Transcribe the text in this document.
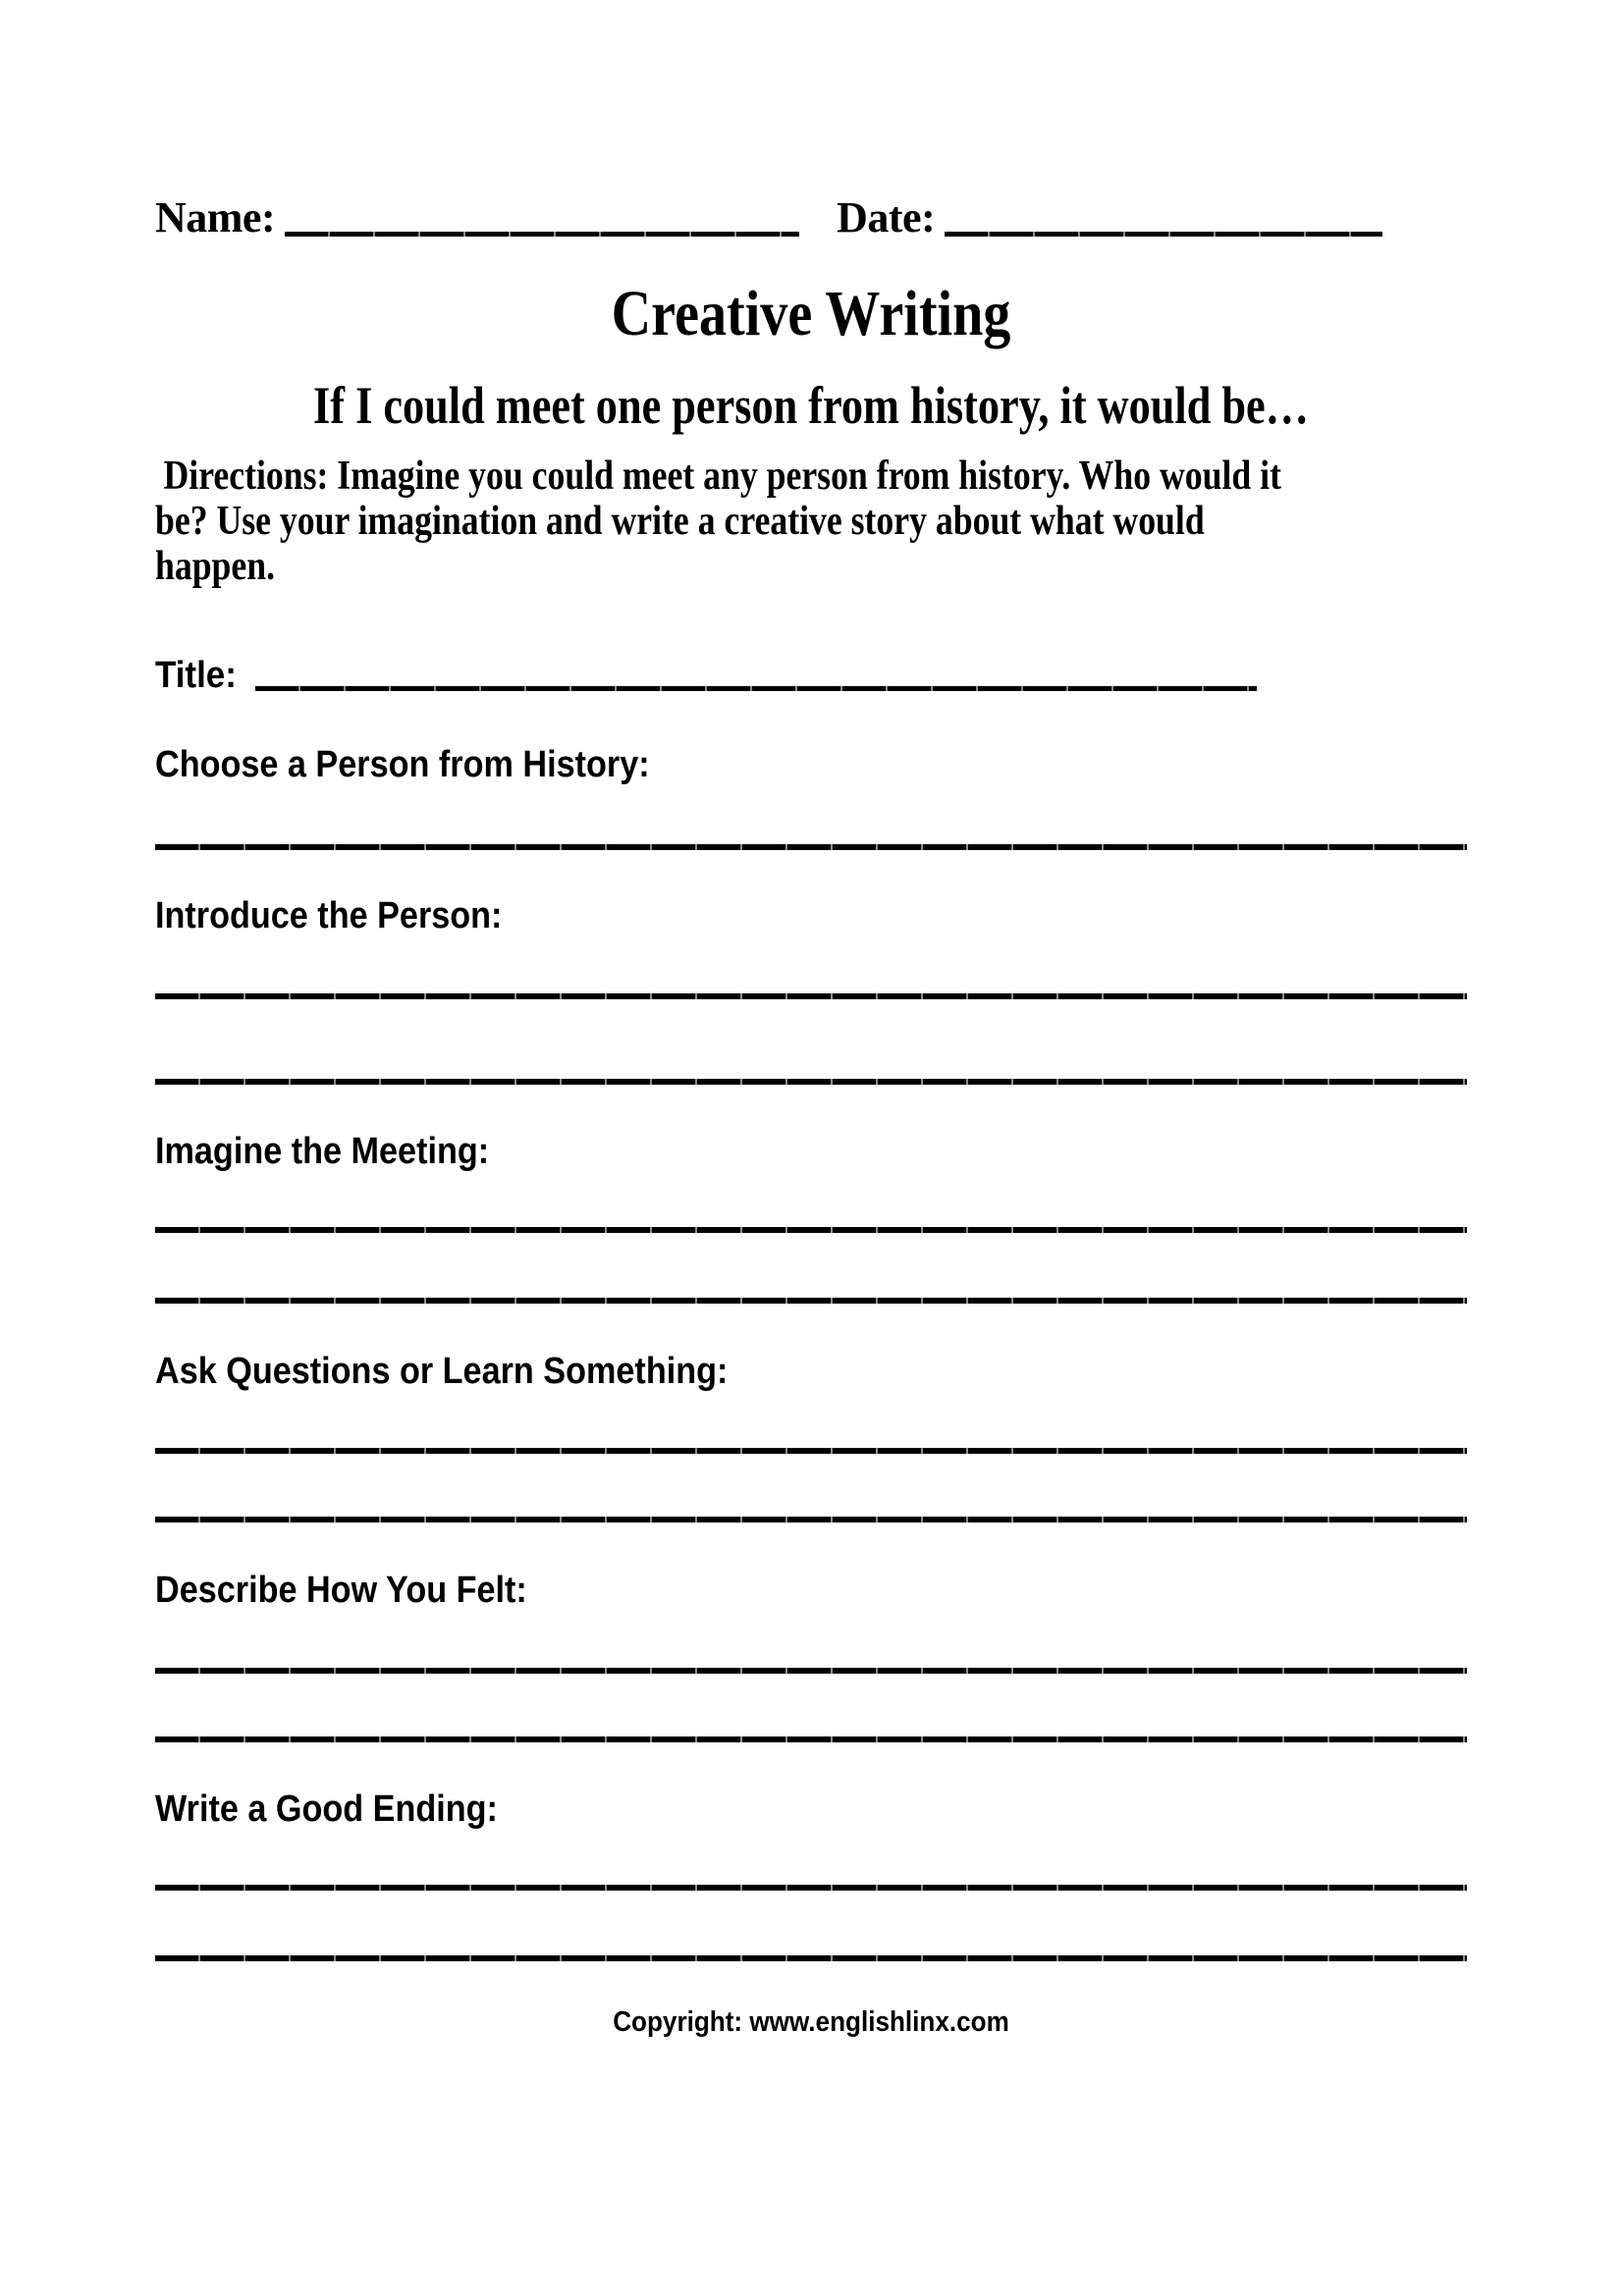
Name:	Date:
Creative Writing
If I could meet one person from history, it would be…
Directions: Imagine you could meet any person from history. Who would it
be? Use your imagination and write a creative story about what would
happen.
Title:
Choose a Person from History:
Introduce the Person:
Imagine the Meeting:
Ask Questions or Learn Something:
Describe How You Felt:
Write a Good Ending:
Copyright: www.englishlinx.com
